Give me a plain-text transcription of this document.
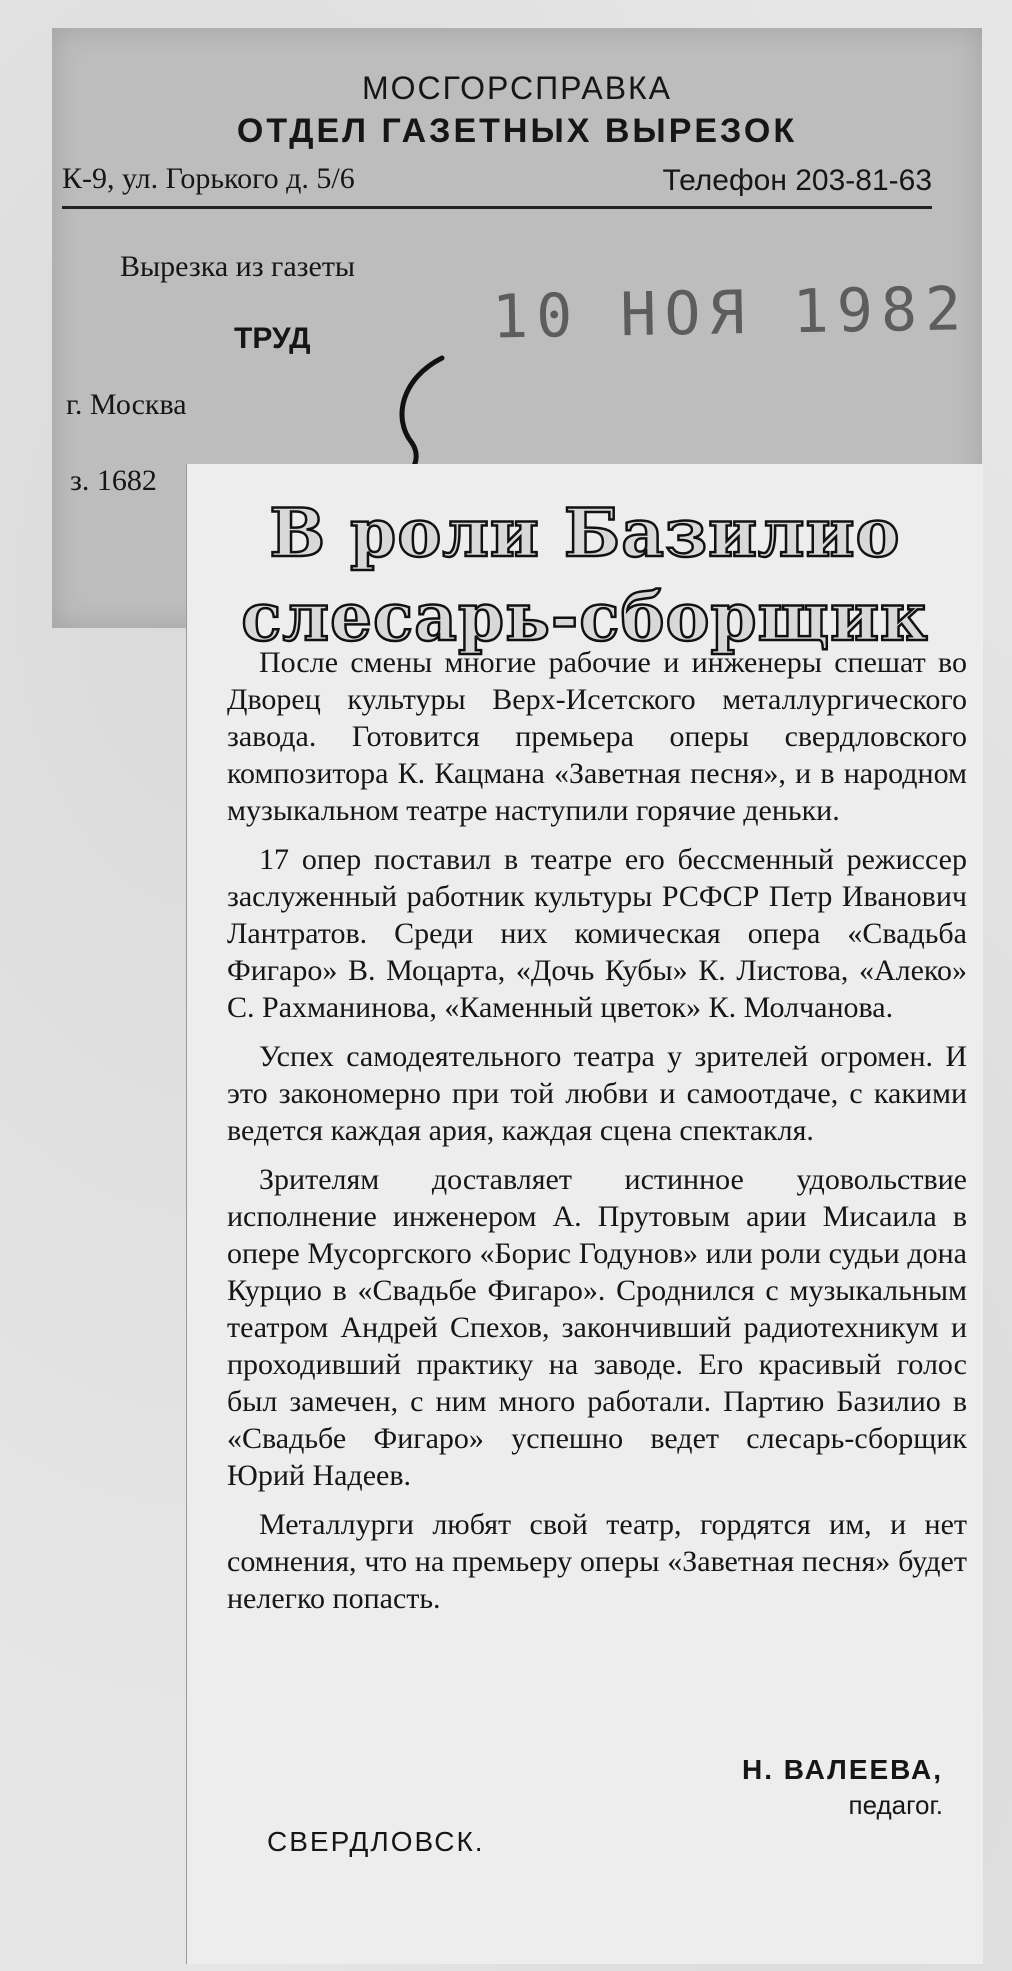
МОСГОРСПРАВКА
ОТДЕЛ ГАЗЕТНЫХ ВЫРЕЗОК
К-9, ул. Горького д. 5/6	Телефон 203-81-63
Вырезка из газеты
ТРУД
г. Москва
з. 1682
10 НОЯ 1982
В роли Базилио
слесарь-сборщик

После смены многие рабочие и инженеры спешат во Дворец культуры Верх-Исетского металлургического завода. Готовится премьера оперы свердловского композитора К. Кацмана «Заветная песня», и в народном музыкальном театре наступили горячие деньки.

17 опер поставил в театре его бессменный режиссер заслуженный работник культуры РСФСР Петр Иванович Лантратов. Среди них комическая опера «Свадьба Фигаро» В. Моцарта, «Дочь Кубы» К. Листова, «Алеко» С. Рахманинова, «Каменный цветок» К. Молчанова.

Успех самодеятельного театра у зрителей огромен. И это закономерно при той любви и самоотдаче, с какими ведется каждая ария, каждая сцена спектакля.

Зрителям доставляет истинное удовольствие исполнение инженером А. Прутовым арии Мисаила в опере Мусоргского «Борис Годунов» или роли судьи дона Курцио в «Свадьбе Фигаро». Сроднился с музыкальным театром Андрей Спехов, закончивший радиотехникум и проходивший практику на заводе. Его красивый голос был замечен, с ним много работали. Партию Базилио в «Свадьбе Фигаро» успешно ведет слесарь-сборщик Юрий Надеев.

Металлурги любят свой театр, гордятся им, и нет сомнения, что на премьеру оперы «Заветная песня» будет нелегко попасть.

Н. ВАЛЕЕВА,
педагог.
СВЕРДЛОВСК.
